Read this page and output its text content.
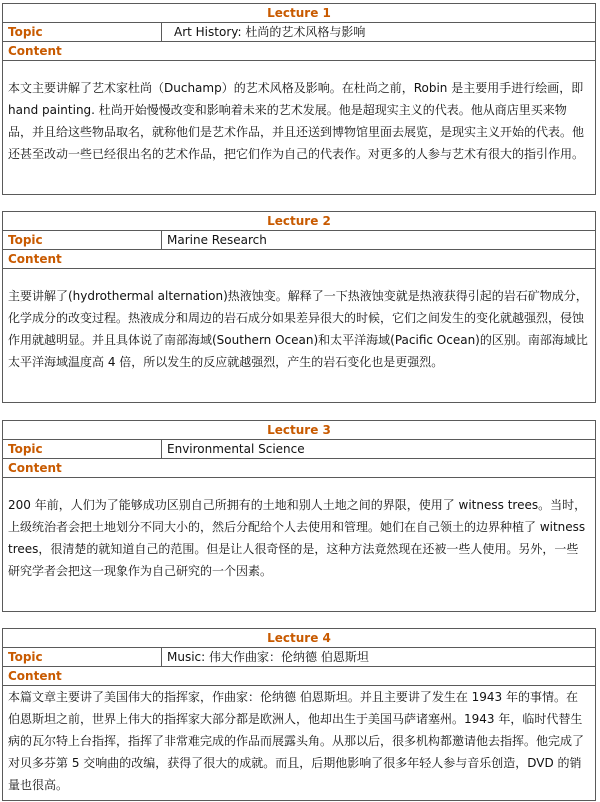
Lecture 1
Topic	Art History: 杜尚的艺术风格与影响
Content
本文主要讲解了艺术家杜尚（Duchamp）的艺术风格及影响。在杜尚之前，Robin 是主要用手进行绘画，即 hand painting. 杜尚开始慢慢改变和影响着未来的艺术发展。他是超现实主义的代表。他从商店里买来物品，并且给这些物品取名，就称他们是艺术作品，并且还送到博物馆里面去展览，是现实主义开始的代表。他还甚至改动一些已经很出名的艺术作品，把它们作为自己的代表作。对更多的人参与艺术有很大的指引作用。
Lecture 2
Topic	Marine Research
Content
主要讲解了(hydrothermal alternation)热液蚀变。解释了一下热液蚀变就是热液获得引起的岩石矿物成分，化学成分的改变过程。热液成分和周边的岩石成分如果差异很大的时候，它们之间发生的变化就越强烈，侵蚀作用就越明显。并且具体说了南部海域(Southern Ocean)和太平洋海域(Pacific Ocean)的区别。南部海域比太平洋海域温度高 4 倍，所以发生的反应就越强烈，产生的岩石变化也是更强烈。
Lecture 3
Topic	Environmental Science
Content
200 年前，人们为了能够成功区别自己所拥有的土地和别人土地之间的界限，使用了 witness trees。当时，上级统治者会把土地划分不同大小的，然后分配给个人去使用和管理。她们在自己领土的边界种植了 witness trees，很清楚的就知道自己的范围。但是让人很奇怪的是，这种方法竟然现在还被一些人使用。另外，一些研究学者会把这一现象作为自己研究的一个因素。
Lecture 4
Topic	Music: 伟大作曲家：伦纳德 伯恩斯坦
Content
本篇文章主要讲了美国伟大的指挥家，作曲家：伦纳德 伯恩斯坦。并且主要讲了发生在 1943 年的事情。在伯恩斯坦之前，世界上伟大的指挥家大部分都是欧洲人，他却出生于美国马萨诸塞州。1943 年，临时代替生病的瓦尔特上台指挥，指挥了非常难完成的作品而展露头角。从那以后，很多机构都邀请他去指挥。他完成了对贝多芬第 5 交响曲的改编，获得了很大的成就。而且，后期他影响了很多年轻人参与音乐创造，DVD 的销量也很高。
